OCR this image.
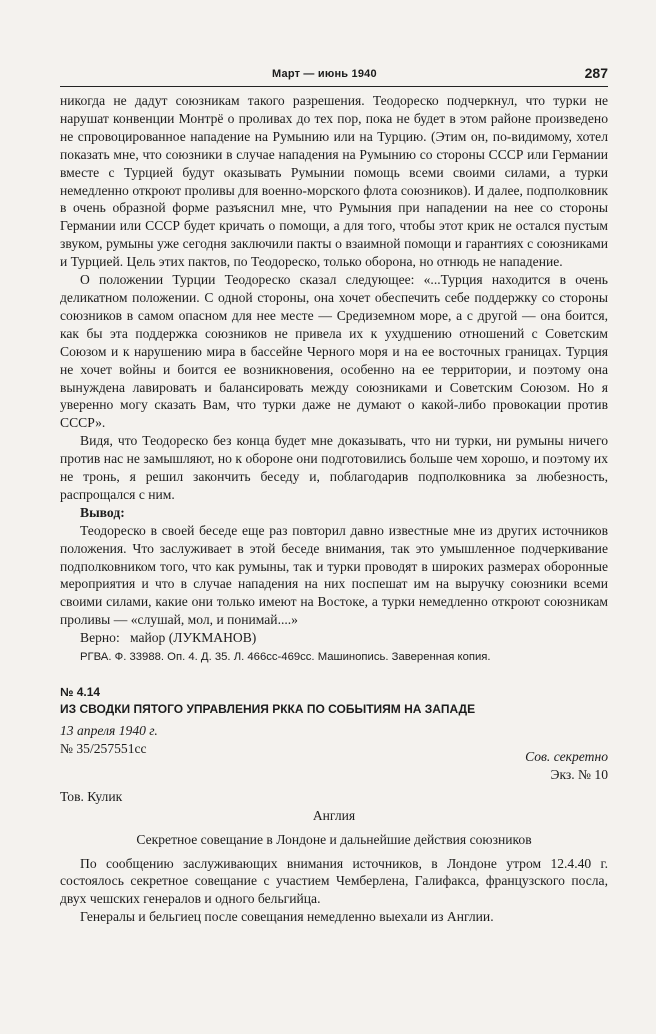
Март — июнь 1940	287

никогда не дадут союзникам такого разрешения. Теодореско подчеркнул, что турки не нарушат конвенции Монтрё о проливах до тех пор, пока не будет в этом районе произведено не спровоцированное нападение на Румынию или на Турцию. (Этим он, по-видимому, хотел показать мне, что союзники в случае нападения на Румынию со стороны СССР или Германии вместе с Турцией будут оказывать Румынии помощь всеми своими силами, а турки немедленно откроют проливы для военно-морского флота союзников). И далее, подполковник в очень образной форме разъяснил мне, что Румыния при нападении на нее со стороны Германии или СССР будет кричать о помощи, а для того, чтобы этот крик не остался пустым звуком, румыны уже сегодня заключили пакты о взаимной помощи и гарантиях с союзниками и Турцией. Цель этих пактов, по Теодореско, только оборона, но отнюдь не нападение.

О положении Турции Теодореско сказал следующее: «...Турция находится в очень деликатном положении. С одной стороны, она хочет обеспечить себе поддержку со стороны союзников в самом опасном для нее месте — Средиземном море, а с другой — она боится, как бы эта поддержка союзников не привела их к ухудшению отношений с Советским Союзом и к нарушению мира в бассейне Черного моря и на ее восточных границах. Турция не хочет войны и боится ее возникновения, особенно на ее территории, и поэтому она вынуждена лавировать и балансировать между союзниками и Советским Союзом. Но я уверенно могу сказать Вам, что турки даже не думают о какой-либо провокации против СССР».

Видя, что Теодореско без конца будет мне доказывать, что ни турки, ни румыны ничего против нас не замышляют, но к обороне они подготовились больше чем хорошо, и поэтому их не тронь, я решил закончить беседу и, поблагодарив подполковника за любезность, распрощался с ним.

Вывод:

Теодореско в своей беседе еще раз повторил давно известные мне из других источников положения. Что заслуживает в этой беседе внимания, так это умышленное подчеркивание подполковником того, что как румыны, так и турки проводят в широких размерах оборонные мероприятия и что в случае нападения на них поспешат им на выручку союзники всеми своими силами, какие они только имеют на Востоке, а турки немедленно откроют союзникам проливы — «слушай, мол, и понимай....»

Верно:   майор (ЛУКМАНОВ)

РГВА. Ф. 33988. Оп. 4. Д. 35. Л. 466сс-469сс. Машинопись. Заверенная копия.

№ 4.14

ИЗ СВОДКИ ПЯТОГО УПРАВЛЕНИЯ РККА ПО СОБЫТИЯМ НА ЗАПАДЕ

13 апреля 1940 г.

№ 35/257551сс
Сов. секретно
Экз. № 10

Тов. Кулик

Англия

Секретное совещание в Лондоне и дальнейшие действия союзников

По сообщению заслуживающих внимания источников, в Лондоне утром 12.4.40 г. состоялось секретное совещание с участием Чемберлена, Галифакса, французского посла, двух чешских генералов и одного бельгийца.

Генералы и бельгиец после совещания немедленно выехали из Англии.
